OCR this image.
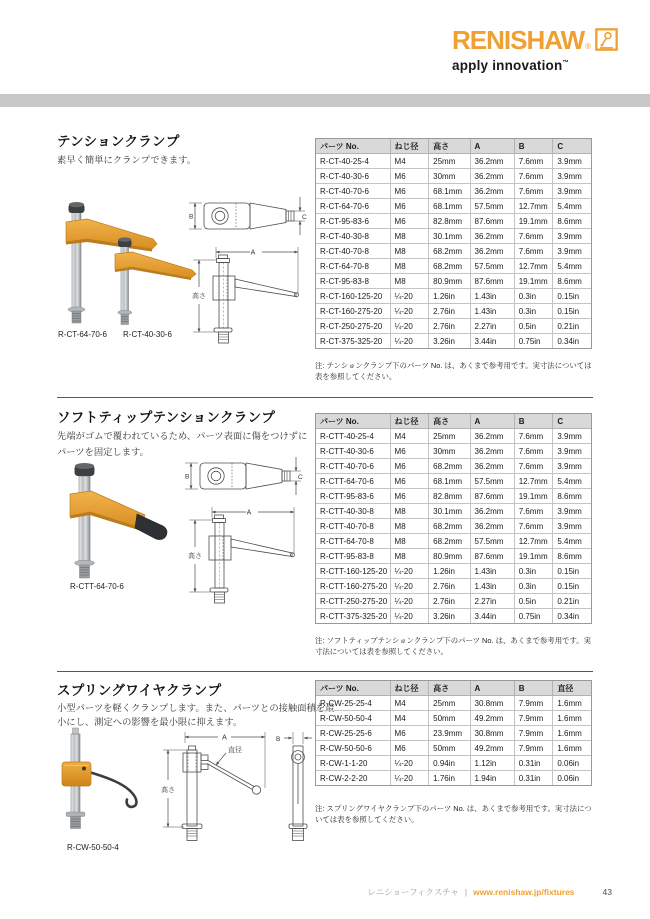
RENISHAW ®
apply innovation™
テンションクランプ
素早く簡単にクランプできます。
R-CT-64-70-6 R-CT-40-30-6
B	C
A
高さ
パーツ No.	ねじ径	高さ	A	B	C
R-CT-40-25-4	M4	25mm	36.2mm	7.6mm	3.9mm
R-CT-40-30-6	M6	30mm	36.2mm	7.6mm	3.9mm
R-CT-40-70-6	M6	68.1mm	36.2mm	7.6mm	3.9mm
R-CT-64-70-6	M6	68.1mm	57.5mm	12.7mm	5.4mm
R-CT-95-83-6	M6	82.8mm	87.6mm	19.1mm	8.6mm
R-CT-40-30-8	M8	30.1mm	36.2mm	7.6mm	3.9mm
R-CT-40-70-8	M8	68.2mm	36.2mm	7.6mm	3.9mm
R-CT-64-70-8	M8	68.2mm	57.5mm	12.7mm	5.4mm
R-CT-95-83-8	M8	80.9mm	87.6mm	19.1mm	8.6mm
R-CT-160-125-20	¼-20	1.26in	1.43in	0.3in	0.15in
R-CT-160-275-20	¼-20	2.76in	1.43in	0.3in	0.15in
R-CT-250-275-20	¼-20	2.76in	2.27in	0.5in	0.21in
R-CT-375-325-20	¼-20	3.26in	3.44in	0.75in	0.34in
注: テンションクランプ下のパーツ No. は、あくまで参考用です。実寸法については表を参照してください。
ソフトティップテンションクランプ
先端がゴムで覆われているため、パーツ表面に傷をつけずに
パーツを固定します。
R-CTT-64-70-6
B	C
A
高さ
パーツ No.	ねじ径	高さ	A	B	C
R-CTT-40-25-4	M4	25mm	36.2mm	7.6mm	3.9mm
R-CTT-40-30-6	M6	30mm	36.2mm	7.6mm	3.9mm
R-CTT-40-70-6	M6	68.2mm	36.2mm	7.6mm	3.9mm
R-CTT-64-70-6	M6	68.1mm	57.5mm	12.7mm	5.4mm
R-CTT-95-83-6	M6	82.8mm	87.6mm	19.1mm	8.6mm
R-CTT-40-30-8	M8	30.1mm	36.2mm	7.6mm	3.9mm
R-CTT-40-70-8	M8	68.2mm	36.2mm	7.6mm	3.9mm
R-CTT-64-70-8	M8	68.2mm	57.5mm	12.7mm	5.4mm
R-CTT-95-83-8	M8	80.9mm	87.6mm	19.1mm	8.6mm
R-CTT-160-125-20	¼-20	1.26in	1.43in	0.3in	0.15in
R-CTT-160-275-20	¼-20	2.76in	1.43in	0.3in	0.15in
R-CTT-250-275-20	¼-20	2.76in	2.27in	0.5in	0.21in
R-CTT-375-325-20	¼-20	3.26in	3.44in	0.75in	0.34in
注: ソフトティップテンションクランプ下のパーツ No. は、あくまで参考用です。実寸法については表を参照してください。
スプリングワイヤクランプ
小型パーツを軽くクランプします。また、パーツとの接触面積を最
小にし、測定への影響を最小限に抑えます。
R-CW-50-50-4
A
高さ
直径
B
パーツ No.	ねじ径	高さ	A	B	直径
R-CW-25-25-4	M4	25mm	30.8mm	7.9mm	1.6mm
R-CW-50-50-4	M4	50mm	49.2mm	7.9mm	1.6mm
R-CW-25-25-6	M6	23.9mm	30.8mm	7.9mm	1.6mm
R-CW-50-50-6	M6	50mm	49.2mm	7.9mm	1.6mm
R-CW-1-1-20	¼-20	0.94in	1.12in	0.31in	0.06in
R-CW-2-2-20	¼-20	1.76in	1.94in	0.31in	0.06in
注: スプリングワイヤクランプ下のパーツ No. は、あくまで参考用です。実寸法については表を参照してください。
レニショーフィクスチャ | www.renishaw.jp/fixtures	43
